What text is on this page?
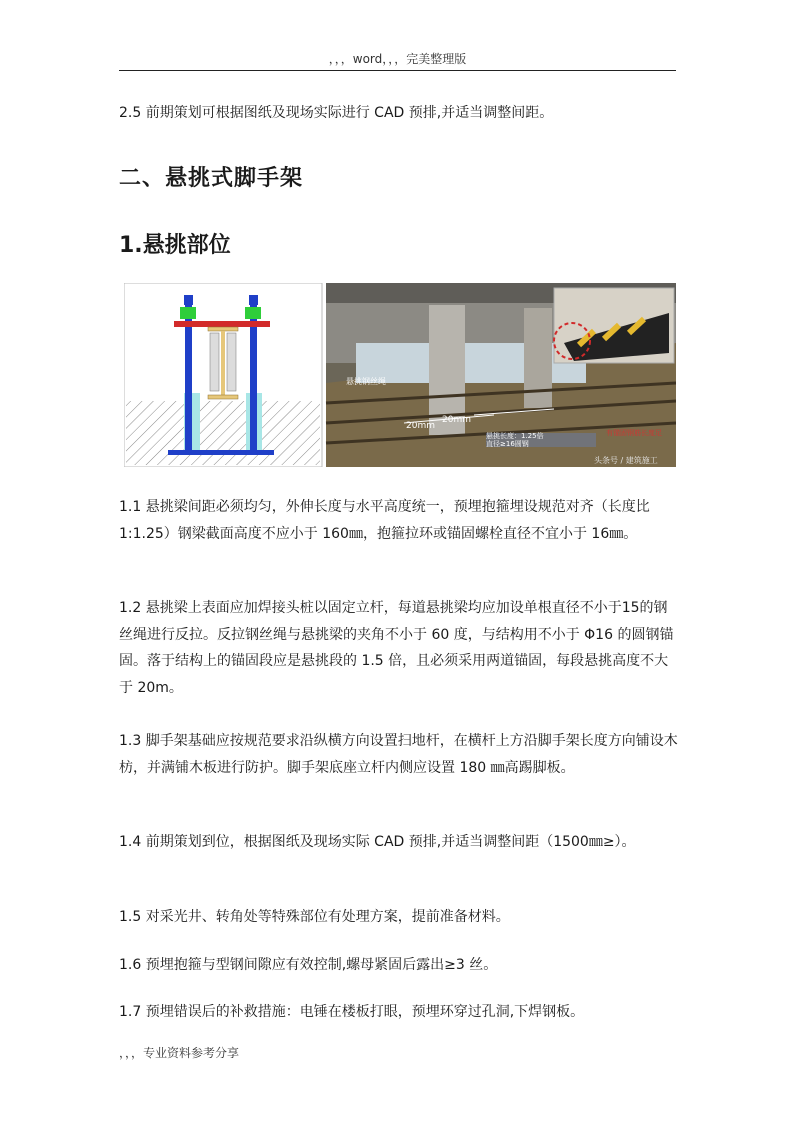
，，，word，，，完美整理版

2.5 前期策划可根据图纸及现场实际进行 CAD 预排,并适当调整间距。

二、悬挑式脚手架
1.悬挑部位
悬挑钢丝绳
20mm
20mm
悬挑长度：1.25倍
直径≥16圆钢
有锚固钢筋长度足
头条号 / 建筑施工

1.1 悬挑梁间距必须均匀，外伸长度与水平高度统一，预埋抱箍埋设规范对齐（长度比 1:1.25）钢梁截面高度不应小于 160㎜，抱箍拉环或锚固螺栓直径不宜小于 16㎜。

1.2 悬挑梁上表面应加焊接头桩以固定立杆，每道悬挑梁均应加设单根直径不小于15的钢丝绳进行反拉。反拉钢丝绳与悬挑梁的夹角不小于 60 度，与结构用不小于 Φ16 的圆钢锚固。落于结构上的锚固段应是悬挑段的 1.5 倍，且必须采用两道锚固，每段悬挑高度不大于 20m。

1.3 脚手架基础应按规范要求沿纵横方向设置扫地杆，在横杆上方沿脚手架长度方向铺设木枋，并满铺木板进行防护。脚手架底座立杆内侧应设置 180 ㎜高踢脚板。

1.4 前期策划到位，根据图纸及现场实际 CAD 预排,并适当调整间距（1500㎜≥）。

1.5 对采光井、转角处等特殊部位有处理方案，提前准备材料。

1.6 预埋抱箍与型钢间隙应有效控制,螺母紧固后露出≥3 丝。

1.7 预埋错误后的补救措施：电锤在楼板打眼，预埋环穿过孔洞,下焊钢板。

，，，专业资料参考分享
